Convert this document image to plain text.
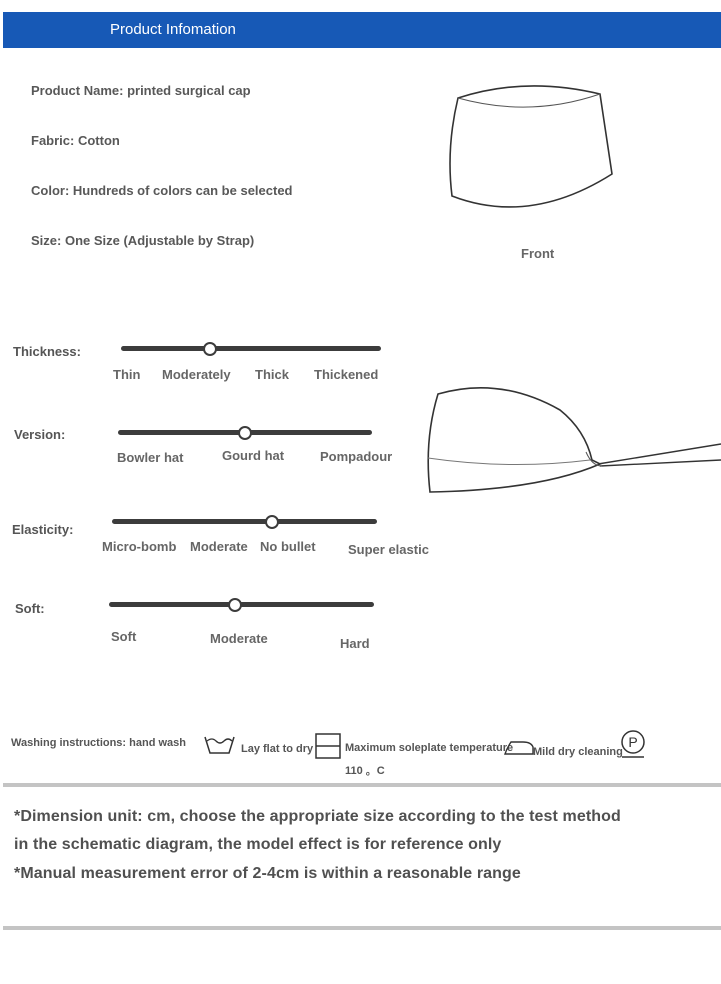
Product Infomation
Product Name: printed surgical cap
Fabric: Cotton
Color: Hundreds of colors can be selected
Size: One Size (Adjustable by Strap)
Front
Thickness:
Thin Moderately Thick Thickened
Version:
Bowler hat	Gourd hat	Pompadour
Elasticity:
Micro-bomb Moderate No bullet Super elastic
Soft:
Soft	Moderate	Hard
Washing instructions: hand wash	Lay flat to dry	Maximum soleplate temperature
110 。C
Mild dry cleaning
P
*Dimension unit: cm, choose the appropriate size according to the test method
in the schematic diagram, the model effect is for reference only
*Manual measurement error of 2-4cm is within a reasonable range
